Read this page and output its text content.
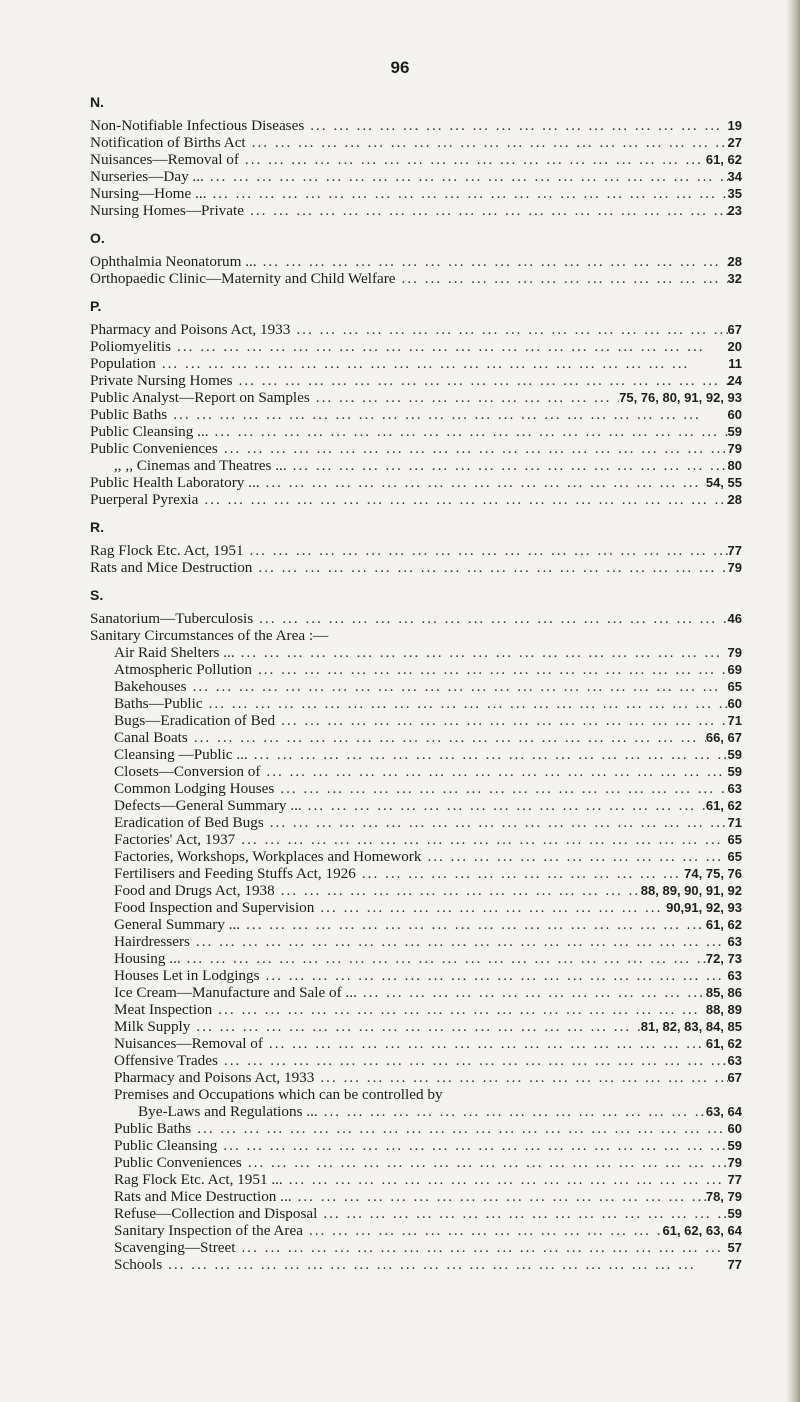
96
N.
Non-Notifiable Infectious Diseases ... .	19
Notification of Births Act ... .	27
Nuisances—Removal of ... .	61, 62
Nurseries—Day ... ... .	34
Nursing—Home ... ... .	35
Nursing Homes—Private ... .	23
O.
Ophthalmia Neonatorum ... ... .	28
Orthopaedic Clinic—Maternity and Child Welfare ... .	32
P.
Pharmacy and Poisons Act, 1933 ... .	67
Poliomyelitis ... .	20
Population ... .	11
Private Nursing Homes ... .	24
Public Analyst—Report on Samples ... .	75, 76, 80, 91, 92, 93
Public Baths ... .	60
Public Cleansing ... ... .	59
Public Conveniences ... .	79
,, ,, Cinemas and Theatres ... ... .	80
Public Health Laboratory ... ... .	54, 55
Puerperal Pyrexia ... .	28
R.
Rag Flock Etc. Act, 1951 ... .	77
Rats and Mice Destruction ... .	79
S.
Sanatorium—Tuberculosis ... .	46
Sanitary Circumstances of the Area :—
Air Raid Shelters ... ... .	79
Atmospheric Pollution ... .	69
Bakehouses ... .	65
Baths—Public ... .	60
Bugs—Eradication of Bed ... .	71
Canal Boats ... .	66, 67
Cleansing —Public ... ... .	59
Closets—Conversion of ... .	59
Common Lodging Houses ... .	63
Defects—General Summary ... ... .	61, 62
Eradication of Bed Bugs ... .	71
Factories' Act, 1937 ... .	65
Factories, Workshops, Workplaces and Homework ... .	65
Fertilisers and Feeding Stuffs Act, 1926 ... .	74, 75, 76
Food and Drugs Act, 1938 ... .	88, 89, 90, 91, 92
Food Inspection and Supervision ... .	90,91, 92, 93
General Summary ... ... .	61, 62
Hairdressers ... .	63
Housing ... ... .	72, 73
Houses Let in Lodgings ... .	63
Ice Cream—Manufacture and Sale of ... ... .	85, 86
Meat Inspection ... .	88, 89
Milk Supply ... .	81, 82, 83, 84, 85
Nuisances—Removal of ... .	61, 62
Offensive Trades ... .	63
Pharmacy and Poisons Act, 1933 ... .	67
Premises and Occupations which can be controlled by
Bye-Laws and Regulations ... ... .	63, 64
Public Baths ... .	60
Public Cleansing ... .	59
Public Conveniences ... .	79
Rag Flock Etc. Act, 1951 ... ... .	77
Rats and Mice Destruction ... ... .	78, 79
Refuse—Collection and Disposal ... .	59
Sanitary Inspection of the Area ... .	61, 62, 63, 64
Scavenging—Street ... .	57
Schools ... .	77
